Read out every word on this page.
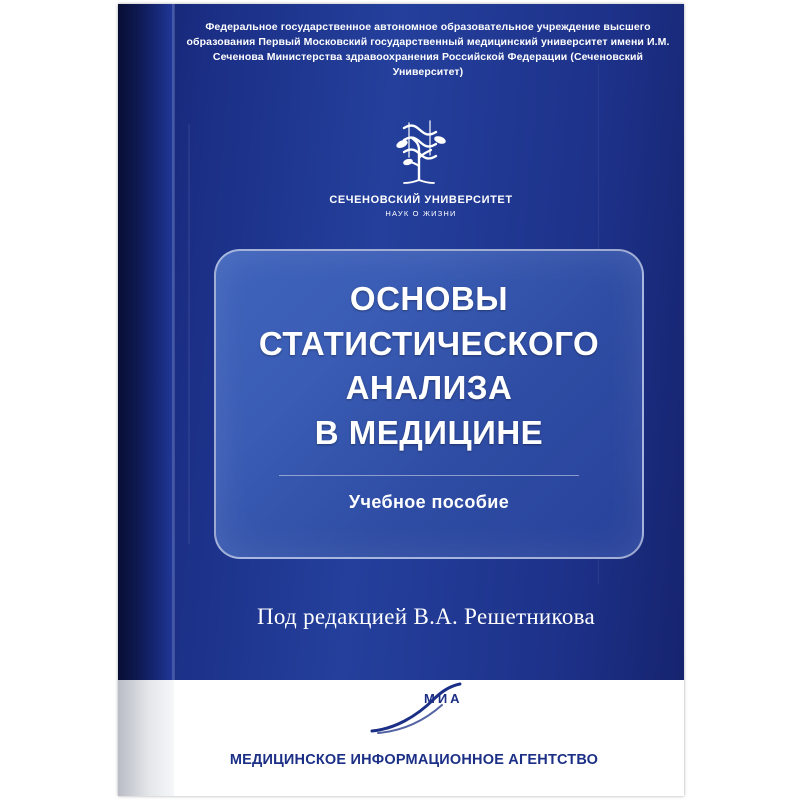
Федеральное государственное автономное образовательное учреждение высшего образования Первый Московский государственный медицинский университет имени И.М. Сеченова Министерства здравоохранения Российской Федерации (Сеченовский Университет)
СЕЧЕНОВСКИЙ УНИВЕРСИТЕТ
НАУК О ЖИЗНИ
ОСНОВЫ
СТАТИСТИЧЕСКОГО
АНАЛИЗА
В МЕДИЦИНЕ
Учебное пособие
Под редакцией В.А. Решетникова
МИА
МЕДИЦИНСКОЕ ИНФОРМАЦИОННОЕ АГЕНТСТВО
